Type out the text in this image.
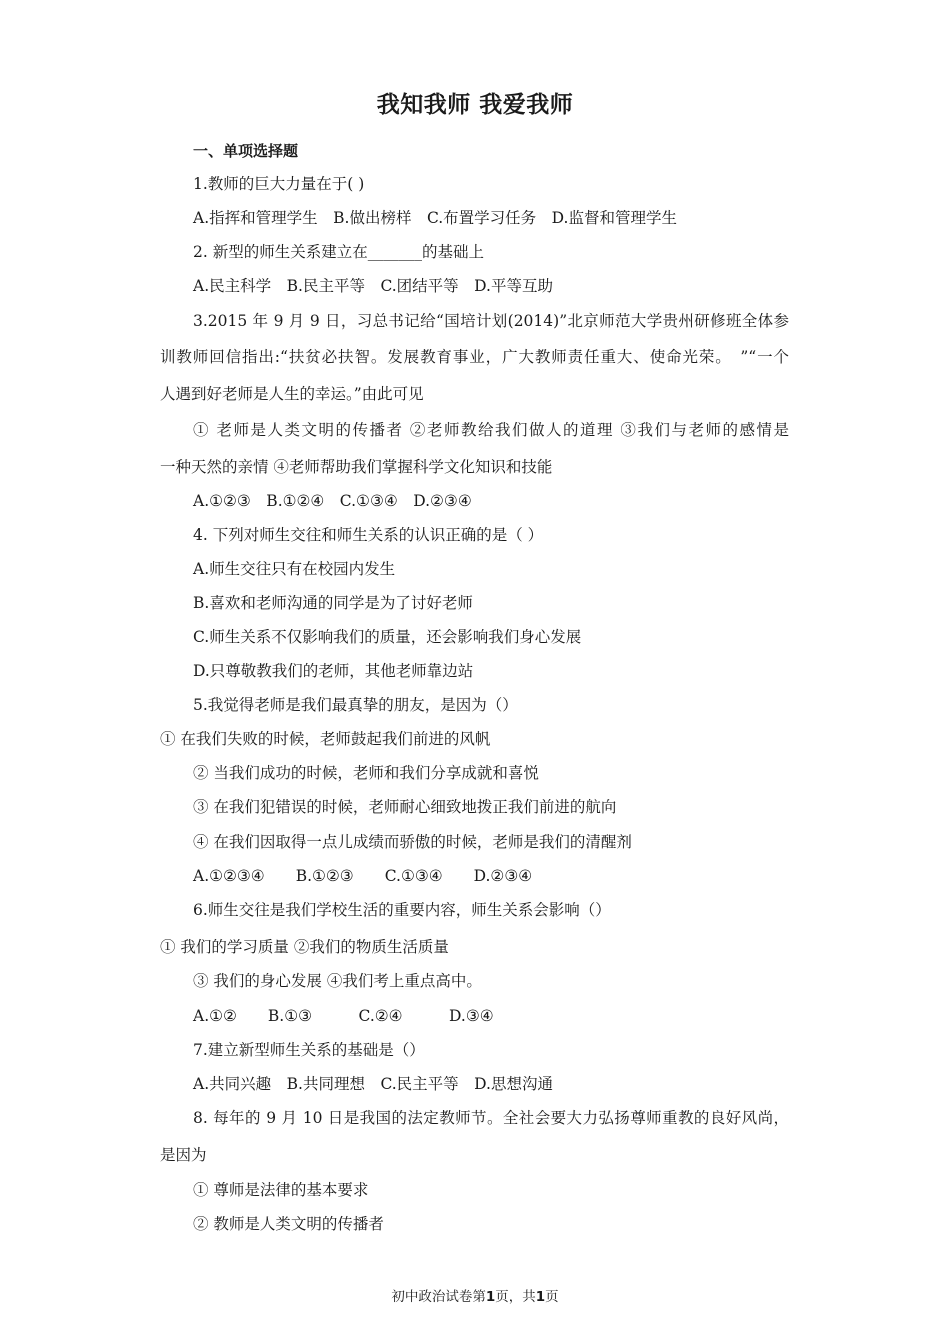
我知我师 我爱我师
一、单项选择题
1.教师的巨大力量在于( )
A.指挥和管理学生　B.做出榜样　C.布置学习任务　D.监督和管理学生
2. 新型的师生关系建立在_______的基础上
A.民主科学　B.民主平等　C.团结平等　D.平等互助
3.2015 年 9 月 9 日，习总书记给“国培计划(2014)”北京师范大学贵州研修班全体参
训教师回信指出:“扶贫必扶智。发展教育事业，广大教师责任重大、使命光荣。　”“一个
人遇到好老师是人生的幸运。”由此可见
① 老师是人类文明的传播者 ②老师教给我们做人的道理 ③我们与老师的感情是
一种天然的亲情 ④老师帮助我们掌握科学文化知识和技能
A.①②③　B.①②④　C.①③④　D.②③④
4. 下列对师生交往和师生关系的认识正确的是（ ）
A.师生交往只有在校园内发生
B.喜欢和老师沟通的同学是为了讨好老师
C.师生关系不仅影响我们的质量，还会影响我们身心发展
D.只尊敬教我们的老师，其他老师靠边站
5.我觉得老师是我们最真挚的朋友，是因为（）
① 在我们失败的时候，老师鼓起我们前进的风帆
② 当我们成功的时候，老师和我们分享成就和喜悦
③ 在我们犯错误的时候，老师耐心细致地拨正我们前进的航向
④ 在我们因取得一点儿成绩而骄傲的时候，老师是我们的清醒剂
A.①②③④　　B.①②③　　C.①③④　　D.②③④
6.师生交往是我们学校生活的重要内容，师生关系会影响（）
① 我们的学习质量 ②我们的物质生活质量
③ 我们的身心发展 ④我们考上重点高中。
A.①②　　B.①③　　　C.②④　　　D.③④
7.建立新型师生关系的基础是（）
A.共同兴趣　B.共同理想　C.民主平等　D.思想沟通
8. 每年的 9 月 10 日是我国的法定教师节。全社会要大力弘扬尊师重教的良好风尚，
是因为
① 尊师是法律的基本要求
② 教师是人类文明的传播者
初中政治试卷第1页，共1页
